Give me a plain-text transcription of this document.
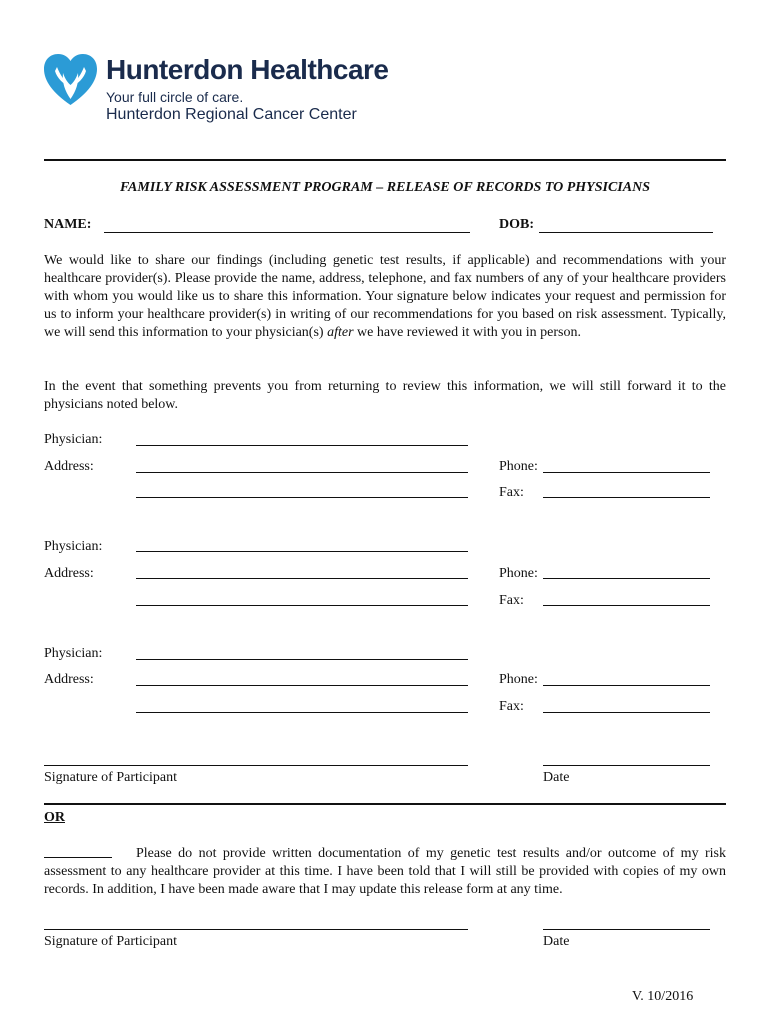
Hunterdon Healthcare
Your full circle of care.
Hunterdon Regional Cancer Center
FAMILY RISK ASSESSMENT PROGRAM – RELEASE OF RECORDS TO PHYSICIANS
NAME:	DOB:
We would like to share our findings (including genetic test results, if applicable) and recommendations with your healthcare provider(s). Please provide the name, address, telephone, and fax numbers of any of your healthcare providers with whom you would like us to share this information. Your signature below indicates your request and permission for us to inform your healthcare provider(s) in writing of our recommendations for you based on risk assessment. Typically, we will send this information to your physician(s) after we have reviewed it with you in person.
In the event that something prevents you from returning to review this information, we will still forward it to the physicians noted below.
Physician:
Address:	Phone:
Fax:
Physician:
Address:	Phone:
Fax:
Physician:
Address:	Phone:
Fax:
Signature of Participant	Date
OR
Please do not provide written documentation of my genetic test results and/or outcome of my risk assessment to any healthcare provider at this time. I have been told that I will still be provided with copies of my own records. In addition, I have been made aware that I may update this release form at any time.
Signature of Participant	Date
V. 10/2016
